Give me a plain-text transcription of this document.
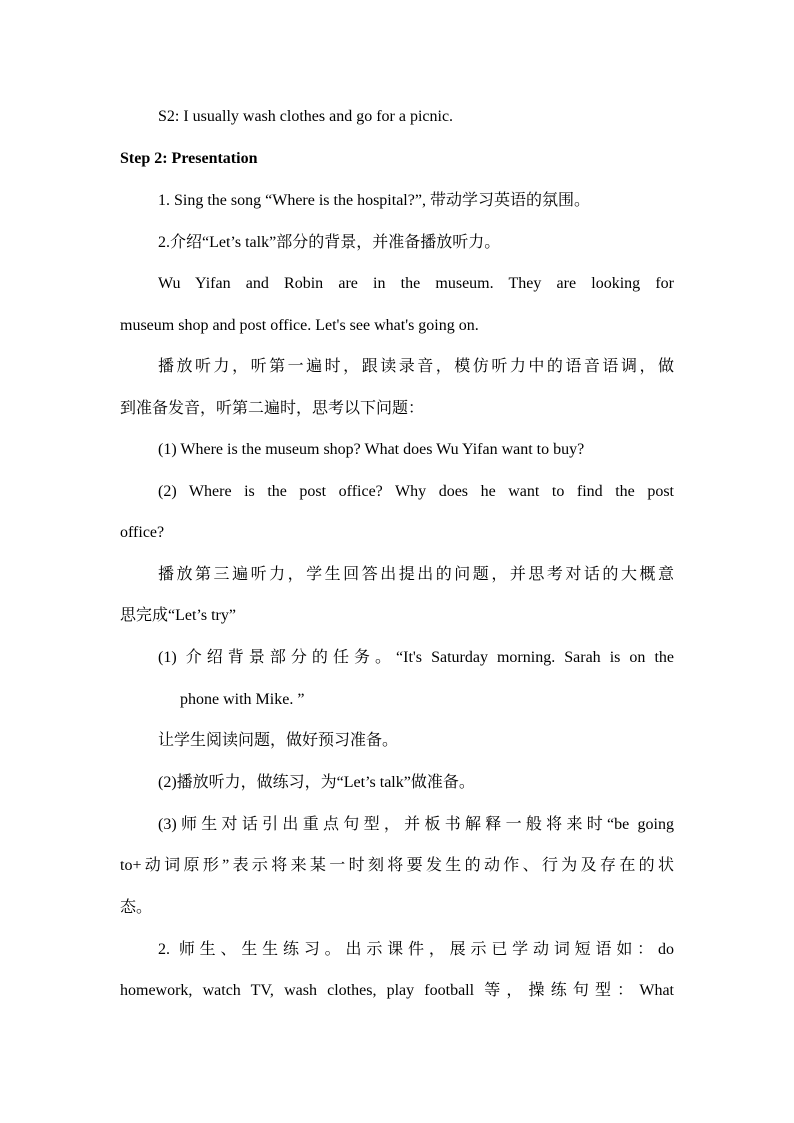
S2: I usually wash clothes and go for a picnic.
Step 2: Presentation
1. Sing the song “Where is the hospital?”, 带动学习英语的氛围。
2.介绍“Let’s talk”部分的背景，并准备播放听力。
Wu Yifan and Robin are in the museum. They are looking for
museum shop and post office. Let's see what's going on.
播放听力，听第一遍时，跟读录音，模仿听力中的语音语调，做
到准备发音，听第二遍时，思考以下问题：
(1) Where is the museum shop? What does Wu Yifan want to buy?
(2) Where is the post office? Why does he want to find the post
office?
播放第三遍听力，学生回答出提出的问题，并思考对话的大概意
思完成“Let’s try”
(1) 介绍背景部分的任务。“It's Saturday morning. Sarah is on the
phone with Mike. ”
让学生阅读问题，做好预习准备。
(2)播放听力，做练习，为“Let’s talk”做准备。
(3)师生对话引出重点句型，并板书解释一般将来时“be going
to+动词原形”表示将来某一时刻将要发生的动作、行为及存在的状
态。
2. 师生、生生练习。出示课件，展示已学动词短语如：do
homework, watch TV, wash clothes, play football 等，操练句型：What
